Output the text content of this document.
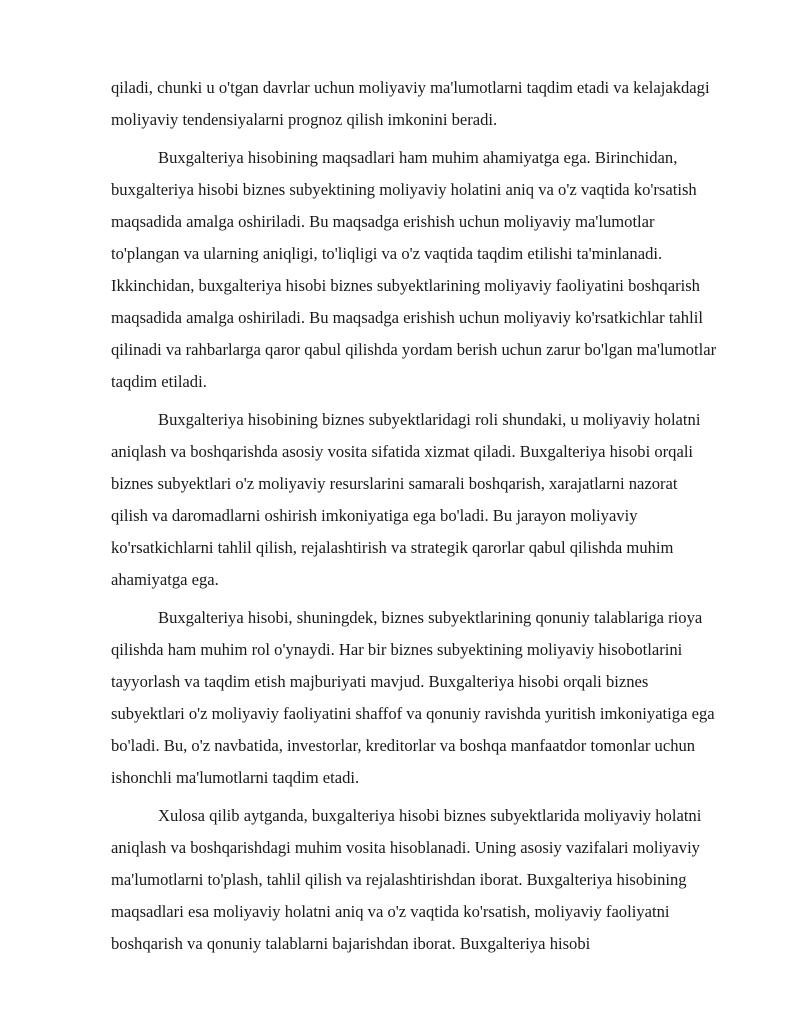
qiladi, chunki u o'tgan davrlar uchun moliyaviy ma'lumotlarni taqdim etadi va kelajakdagi moliyaviy tendensiyalarni prognoz qilish imkonini beradi.

Buxgalteriya hisobining maqsadlari ham muhim ahamiyatga ega. Birinchidan, buxgalteriya hisobi biznes subyektining moliyaviy holatini aniq va o'z vaqtida ko'rsatish maqsadida amalga oshiriladi. Bu maqsadga erishish uchun moliyaviy ma'lumotlar to'plangan va ularning aniqligi, to'liqligi va o'z vaqtida taqdim etilishi ta'minlanadi. Ikkinchidan, buxgalteriya hisobi biznes subyektlarining moliyaviy faoliyatini boshqarish maqsadida amalga oshiriladi. Bu maqsadga erishish uchun moliyaviy ko'rsatkichlar tahlil qilinadi va rahbarlarga qaror qabul qilishda yordam berish uchun zarur bo'lgan ma'lumotlar taqdim etiladi.

Buxgalteriya hisobining biznes subyektlaridagi roli shundaki, u moliyaviy holatni aniqlash va boshqarishda asosiy vosita sifatida xizmat qiladi. Buxgalteriya hisobi orqali biznes subyektlari o'z moliyaviy resurslarini samarali boshqarish, xarajatlarni nazorat qilish va daromadlarni oshirish imkoniyatiga ega bo'ladi. Bu jarayon moliyaviy ko'rsatkichlarni tahlil qilish, rejalashtirish va strategik qarorlar qabul qilishda muhim ahamiyatga ega.

Buxgalteriya hisobi, shuningdek, biznes subyektlarining qonuniy talablariga rioya qilishda ham muhim rol o'ynaydi. Har bir biznes subyektining moliyaviy hisobotlarini tayyorlash va taqdim etish majburiyati mavjud. Buxgalteriya hisobi orqali biznes subyektlari o'z moliyaviy faoliyatini shaffof va qonuniy ravishda yuritish imkoniyatiga ega bo'ladi. Bu, o'z navbatida, investorlar, kreditorlar va boshqa manfaatdor tomonlar uchun ishonchli ma'lumotlarni taqdim etadi.

Xulosa qilib aytganda, buxgalteriya hisobi biznes subyektlarida moliyaviy holatni aniqlash va boshqarishdagi muhim vosita hisoblanadi. Uning asosiy vazifalari moliyaviy ma'lumotlarni to'plash, tahlil qilish va rejalashtirishdan iborat. Buxgalteriya hisobining maqsadlari esa moliyaviy holatni aniq va o'z vaqtida ko'rsatish, moliyaviy faoliyatni boshqarish va qonuniy talablarni bajarishdan iborat. Buxgalteriya hisobi
